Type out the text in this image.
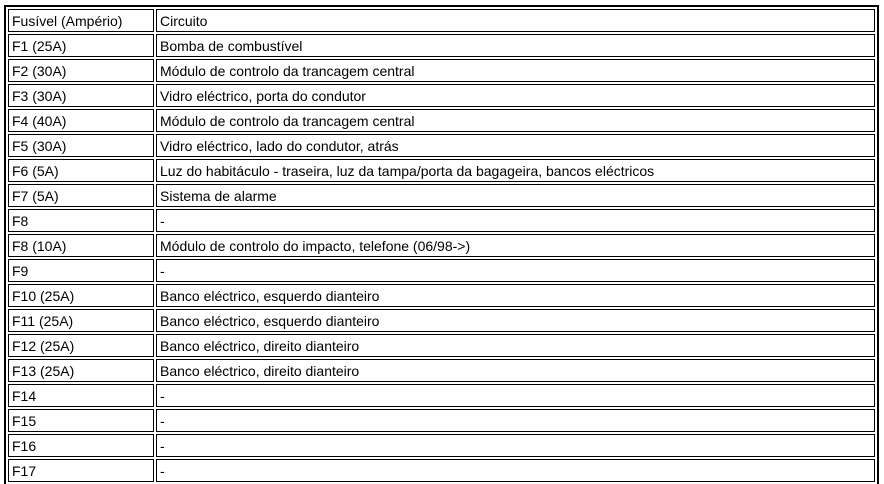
Fusível (Ampério)	Circuito
F1 (25A)	Bomba de combustível
F2 (30A)	Módulo de controlo da trancagem central
F3 (30A)	Vidro eléctrico, porta do condutor
F4 (40A)	Módulo de controlo da trancagem central
F5 (30A)	Vidro eléctrico, lado do condutor, atrás
F6 (5A)	Luz do habitáculo - traseira, luz da tampa/porta da bagageira, bancos eléctricos
F7 (5A)	Sistema de alarme
F8	-
F8 (10A)	Módulo de controlo do impacto, telefone (06/98->)
F9	-
F10 (25A)	Banco eléctrico, esquerdo dianteiro
F11 (25A)	Banco eléctrico, esquerdo dianteiro
F12 (25A)	Banco eléctrico, direito dianteiro
F13 (25A)	Banco eléctrico, direito dianteiro
F14	-
F15	-
F16	-
F17	-
